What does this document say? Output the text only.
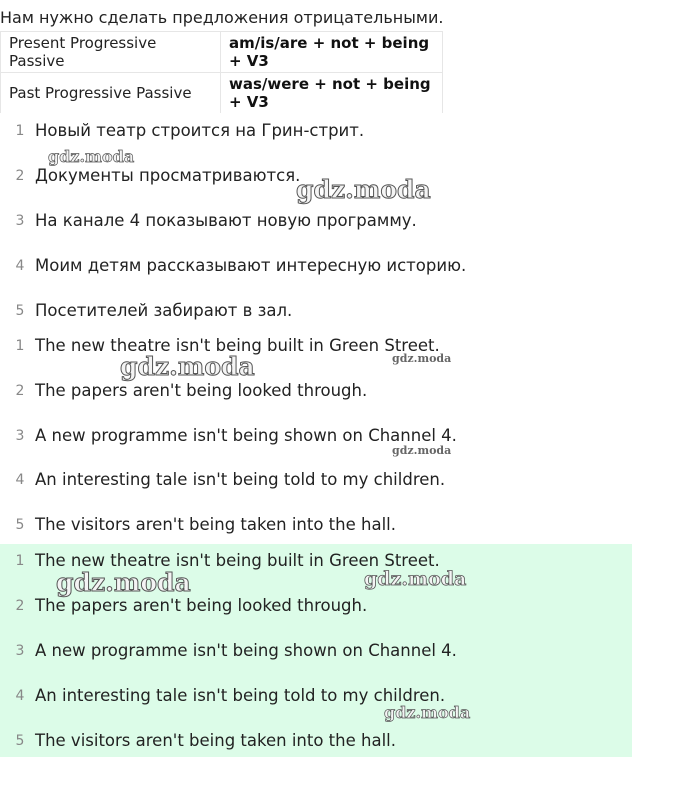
Нам нужно сделать предложения отрицательными.
Present Progressive Passive	am/is/are + not + being + V3
Past Progressive Passive	was/were + not + being + V3
1 Новый театр строится на Грин-стрит.
2 Документы просматриваются.
3 На канале 4 показывают новую программу.
4 Моим детям рассказывают интересную историю.
5 Посетителей забирают в зал.
1 The new theatre isn't being built in Green Street.
2 The papers aren't being looked through.
3 A new programme isn't being shown on Channel 4.
4 An interesting tale isn't being told to my children.
5 The visitors aren't being taken into the hall.
1 The new theatre isn't being built in Green Street.
2 The papers aren't being looked through.
3 A new programme isn't being shown on Channel 4.
4 An interesting tale isn't being told to my children.
5 The visitors aren't being taken into the hall.
gdz.moda
gdz.moda
gdz.moda	gdz.moda
gdz.moda
gdz.moda	gdz.moda
gdz.moda
